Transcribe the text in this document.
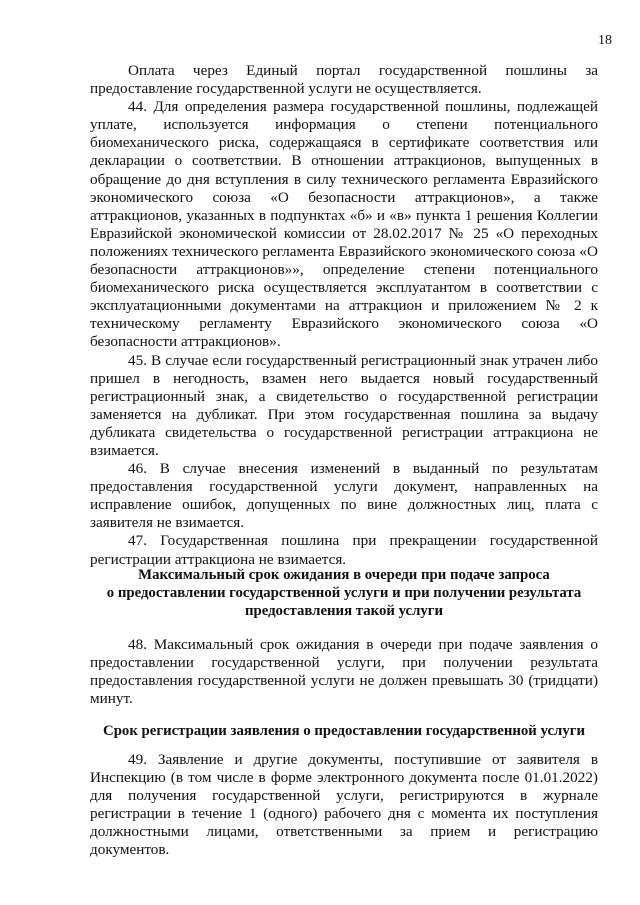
18

Оплата через Единый портал государственной пошлины за предоставление государственной услуги не осуществляется.

44. Для определения размера государственной пошлины, подлежащей уплате, используется информация о степени потенциального биомеханического риска, содержащаяся в сертификате соответствия или декларации о соответствии. В отношении аттракционов, выпущенных в обращение до дня вступления в силу технического регламента Евразийского экономического союза «О безопасности аттракционов», а также аттракционов, указанных в подпунктах «б» и «в» пункта 1 решения Коллегии Евразийской экономической комиссии от 28.02.2017 № 25 «О переходных положениях технического регламента Евразийского экономического союза «О безопасности аттракционов»», определение степени потенциального биомеханического риска осуществляется эксплуатантом в соответствии с эксплуатационными документами на аттракцион и приложением № 2 к техническому регламенту Евразийского экономического союза «О безопасности аттракционов».

45. В случае если государственный регистрационный знак утрачен либо пришел в негодность, взамен него выдается новый государственный регистрационный знак, а свидетельство о государственной регистрации заменяется на дубликат. При этом государственная пошлина за выдачу дубликата свидетельства о государственной регистрации аттракциона не взимается.

46. В случае внесения изменений в выданный по результатам предоставления государственной услуги документ, направленных на исправление ошибок, допущенных по вине должностных лиц, плата с заявителя не взимается.

47. Государственная пошлина при прекращении государственной регистрации аттракциона не взимается.

Максимальный срок ожидания в очереди при подаче запроса
о предоставлении государственной услуги и при получении результата
предоставления такой услуги

48. Максимальный срок ожидания в очереди при подаче заявления о предоставлении государственной услуги, при получении результата предоставления государственной услуги не должен превышать 30 (тридцати) минут.

Срок регистрации заявления о предоставлении государственной услуги

49. Заявление и другие документы, поступившие от заявителя в Инспекцию (в том числе в форме электронного документа после 01.01.2022) для получения государственной услуги, регистрируются в журнале регистрации в течение 1 (одного) рабочего дня с момента их поступления должностными лицами, ответственными за прием и регистрацию документов.
